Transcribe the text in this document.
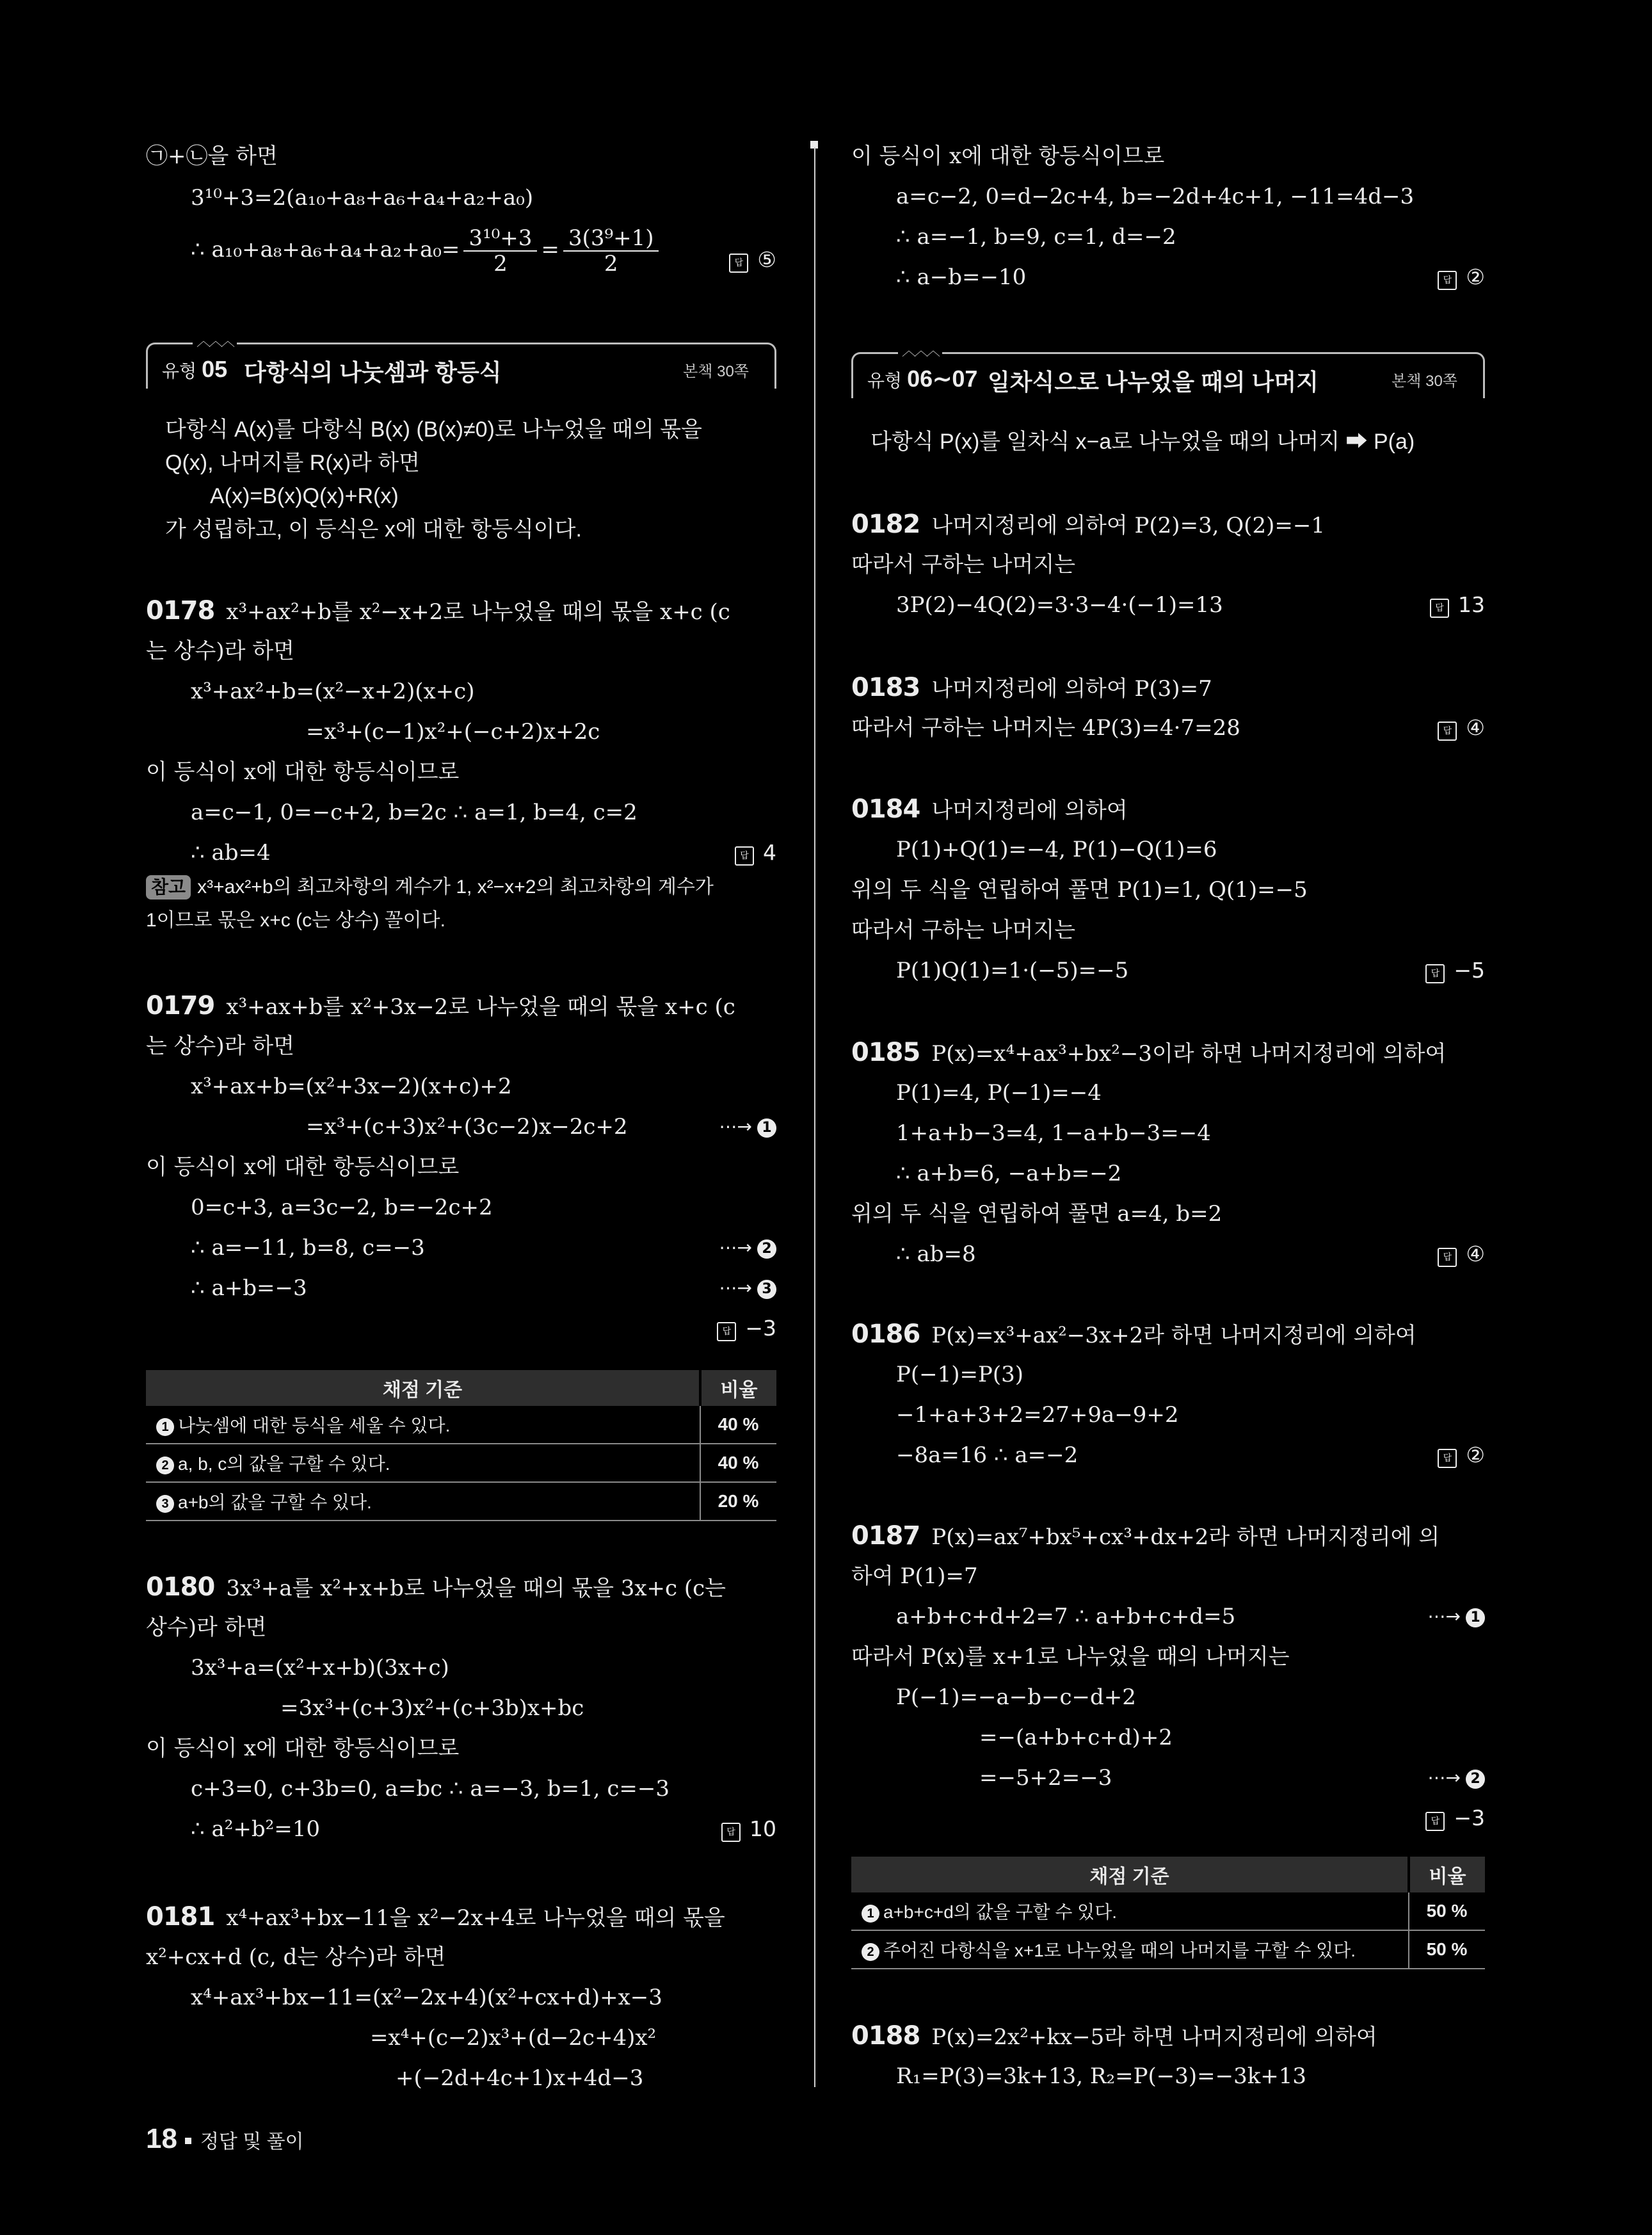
㉠+㉡을 하면
3¹⁰+3=2(a₁₀+a₈+a₆+a₄+a₂+a₀)
∴ $a_{10}+a_8+a_6+a_4+a_2+a_0= \frac{\text{3¹⁰+3}}{2} = \frac{\text{3(3⁹+1)}}{2}$	답 ⑤
︿︿︿
유형 05 다항식의 나눗셈과 항등식	본책 30쪽
다항식 A(x)를 다항식 B(x) (B(x)≠0)로 나누었을 때의 몫을
Q(x), 나머지를 R(x)라 하면
A(x)=B(x)Q(x)+R(x)
가 성립하고, 이 등식은 x에 대한 항등식이다.
0178 x³+ax²+b를 x²−x+2로 나누었을 때의 몫을 x+c (c
는 상수)라 하면
x³+ax²+b=(x²−x+2)(x+c)
=x³+(c−1)x²+(−c+2)x+2c
이 등식이 x에 대한 항등식이므로
a=c−1, 0=−c+2, b=2c ∴ a=1, b=4, c=2
∴ ab=4	답 4
참고 x³+ax²+b의 최고차항의 계수가 1, x²−x+2의 최고차항의 계수가
1이므로 몫은 x+c (c는 상수) 꼴이다.
0179 x³+ax+b를 x²+3x−2로 나누었을 때의 몫을 x+c (c
는 상수)라 하면
x³+ax+b=(x²+3x−2)(x+c)+2
=x³+(c+3)x²+(3c−2)x−2c+2	⋯→ 1
이 등식이 x에 대한 항등식이므로
0=c+3, a=3c−2, b=−2c+2
∴ a=−11, b=8, c=−3	⋯→ 2
∴ a+b=−3	⋯→ 3
답 −3
채점 기준	비율
1 나눗셈에 대한 등식을 세울 수 있다.	40 %
2 a, b, c의 값을 구할 수 있다.	40 %
3 a+b의 값을 구할 수 있다.	20 %
0180 3x³+a를 x²+x+b로 나누었을 때의 몫을 3x+c (c는
상수)라 하면
3x³+a=(x²+x+b)(3x+c)
=3x³+(c+3)x²+(c+3b)x+bc
이 등식이 x에 대한 항등식이므로
c+3=0, c+3b=0, a=bc ∴ a=−3, b=1, c=−3
∴ a²+b²=10	답 10
0181 x⁴+ax³+bx−11을 x²−2x+4로 나누었을 때의 몫을
x²+cx+d (c, d는 상수)라 하면
x⁴+ax³+bx−11=(x²−2x+4)(x²+cx+d)+x−3
=x⁴+(c−2)x³+(d−2c+4)x²
+(−2d+4c+1)x+4d−3
이 등식이 x에 대한 항등식이므로
a=c−2, 0=d−2c+4, b=−2d+4c+1, −11=4d−3
∴ a=−1, b=9, c=1, d=−2
∴ a−b=−10	답 ②
︿︿︿
유형 06∼07 일차식으로 나누었을 때의 나머지	본책 30쪽
다항식 P(x)를 일차식 x−a로 나누었을 때의 나머지 ➡ P(a)
0182 나머지정리에 의하여 P(2)=3, Q(2)=−1
따라서 구하는 나머지는
3P(2)−4Q(2)=3·3−4·(−1)=13	답 13
0183 나머지정리에 의하여 P(3)=7
따라서 구하는 나머지는 4P(3)=4·7=28	답 ④
0184 나머지정리에 의하여
P(1)+Q(1)=−4, P(1)−Q(1)=6
위의 두 식을 연립하여 풀면 P(1)=1, Q(1)=−5
따라서 구하는 나머지는
P(1)Q(1)=1·(−5)=−5	답 −5
0185 P(x)=x⁴+ax³+bx²−3이라 하면 나머지정리에 의하여
P(1)=4, P(−1)=−4
1+a+b−3=4, 1−a+b−3=−4
∴ a+b=6, −a+b=−2
위의 두 식을 연립하여 풀면 a=4, b=2
∴ ab=8	답 ④
0186 P(x)=x³+ax²−3x+2라 하면 나머지정리에 의하여
P(−1)=P(3)
−1+a+3+2=27+9a−9+2
−8a=16 ∴ a=−2	답 ②
0187 P(x)=ax⁷+bx⁵+cx³+dx+2라 하면 나머지정리에 의
하여 P(1)=7
a+b+c+d+2=7 ∴ a+b+c+d=5	⋯→ 1
따라서 P(x)를 x+1로 나누었을 때의 나머지는
P(−1)=−a−b−c−d+2
=−(a+b+c+d)+2
=−5+2=−3	⋯→ 2
답 −3
채점 기준	비율
1 a+b+c+d의 값을 구할 수 있다.	50 %
2 주어진 다항식을 x+1로 나누었을 때의 나머지를 구할 수 있다.	50 %
0188 P(x)=2x²+kx−5라 하면 나머지정리에 의하여
R₁=P(3)=3k+13, R₂=P(−3)=−3k+13
18 정답 및 풀이
